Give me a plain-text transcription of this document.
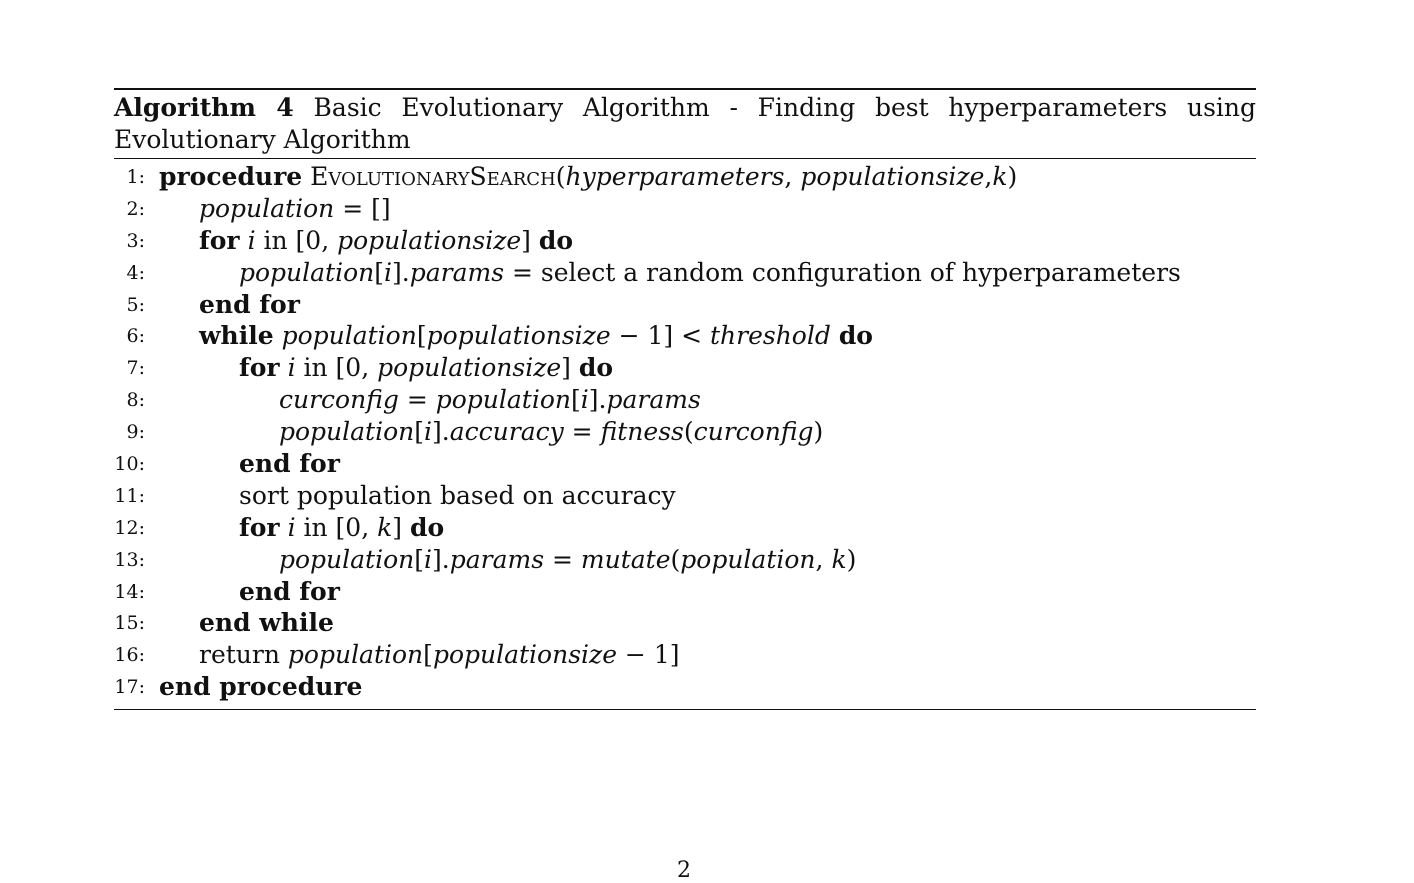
Algorithm 4 Basic Evolutionary Algorithm - Finding best hyperparameters using Evolutionary Algorithm
1: procedure EvolutionarySearch(hyperparameters, populationsize,k)
2: population = []
3: for i in [0, populationsize] do
4:	population[i].params = select a random configuration of hyperparameters
5: end for
6: while population[populationsize − 1] < threshold do
7:	for i in [0, populationsize] do
8:	curconfig = population[i].params
9:	population[i].accuracy = fitness(curconfig)
10:	end for
11:	sort population based on accuracy
12:	for i in [0, k] do
13:	population[i].params = mutate(population, k)
14:	end for
15: end while
16: return population[populationsize − 1]
17: end procedure
2
